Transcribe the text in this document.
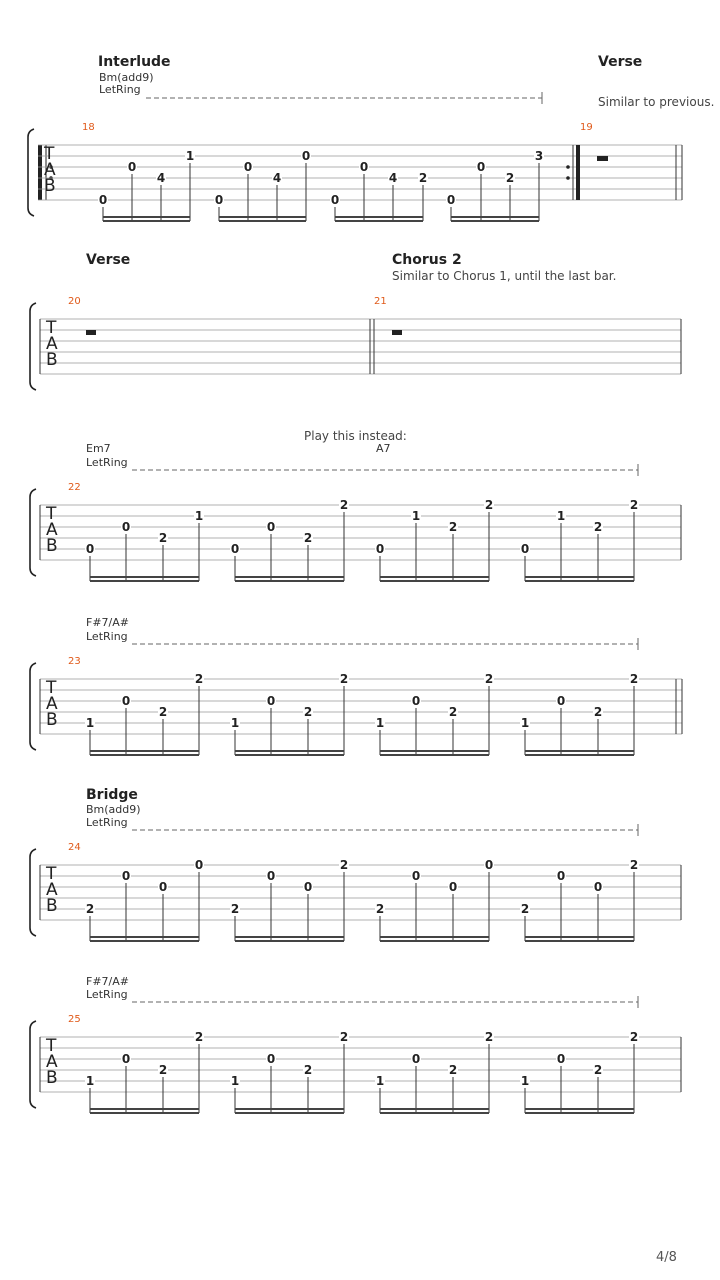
Interlude
Bm(add9)
LetRing
Verse
Similar to previous.
18	19
Verse	Chorus 2
Similar to Chorus 1, until the last bar.
20	21
Play this instead:
Em7	A7
LetRing
22
F#7/A#
LetRing
23
Bridge
Bm(add9)
LetRing
24
F#7/A#
LetRing
25
4/8
T
A
B
0
0
4
1
0
0
4
0
0
0
4 2
0
0
2
3
T
A
B
T
A
B 0
0
2
1
0
0
2
2
0
1
2
2
0
1
2
2
T
A
B 1
0
2
2
1
0
2
2
1
0
2
2
1
0
2
2
T
A
B 2
0
0
0
2
0
0
2
2
0
0
0
2
0
0
2
T
A
B 1
0
2
2
1
0
2
2
1
0
2
2
1
0
2
2
